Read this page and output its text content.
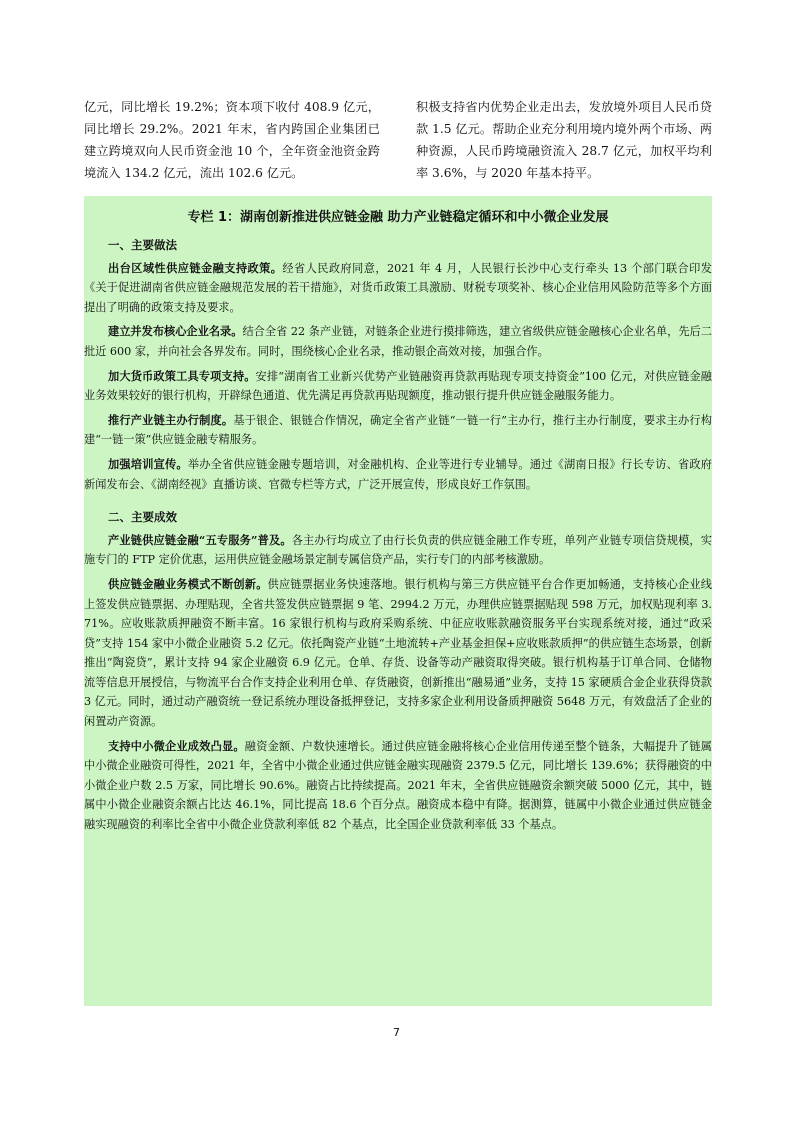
亿元，同比增长 19.2%；资本项下收付 408.9 亿元，同比增长 29.2%。2021 年末，省内跨国企业集团已建立跨境双向人民币资金池 10 个，全年资金池资金跨境流入 134.2 亿元，流出 102.6 亿元。

积极支持省内优势企业走出去，发放境外项目人民币贷款 1.5 亿元。帮助企业充分利用境内境外两个市场、两种资源，人民币跨境融资流入 28.7 亿元，加权平均利率 3.6%，与 2020 年基本持平。

专栏 1：湖南创新推进供应链金融 助力产业链稳定循环和中小微企业发展
一、主要做法

出台区域性供应链金融支持政策。经省人民政府同意，2021 年 4 月，人民银行长沙中心支行牵头 13 个部门联合印发《关于促进湖南省供应链金融规范发展的若干措施》，对货币政策工具激励、财税专项奖补、核心企业信用风险防范等多个方面提出了明确的政策支持及要求。

建立并发布核心企业名录。结合全省 22 条产业链，对链条企业进行摸排筛选，建立省级供应链金融核心企业名单，先后二批近 600 家，并向社会各界发布。同时，围绕核心企业名录，推动银企高效对接，加强合作。

加大货币政策工具专项支持。安排“湖南省工业新兴优势产业链融资再贷款再贴现专项支持资金”100 亿元，对供应链金融业务效果较好的银行机构，开辟绿色通道、优先满足再贷款再贴现额度，推动银行提升供应链金融服务能力。

推行产业链主办行制度。基于银企、银链合作情况，确定全省产业链“一链一行”主办行，推行主办行制度，要求主办行构建“一链一策”供应链金融专精服务。

加强培训宣传。举办全省供应链金融专题培训，对金融机构、企业等进行专业辅导。通过《湖南日报》行长专访、省政府新闻发布会、《湖南经视》直播访谈、官微专栏等方式，广泛开展宣传，形成良好工作氛围。

二、主要成效

产业链供应链金融“五专服务”普及。各主办行均成立了由行长负责的供应链金融工作专班，单列产业链专项信贷规模，实施专门的 FTP 定价优惠，运用供应链金融场景定制专属信贷产品，实行专门的内部考核激励。

供应链金融业务模式不断创新。供应链票据业务快速落地。银行机构与第三方供应链平台合作更加畅通，支持核心企业线上签发供应链票据、办理贴现，全省共签发供应链票据 9 笔、2994.2 万元，办理供应链票据贴现 598 万元，加权贴现利率 3.71%。应收账款质押融资不断丰富。16 家银行机构与政府采购系统、中征应收账款融资服务平台实现系统对接，通过“政采贷”支持 154 家中小微企业融资 5.2 亿元。依托陶瓷产业链“土地流转+产业基金担保+应收账款质押”的供应链生态场景，创新推出“陶瓷贷”，累计支持 94 家企业融资 6.9 亿元。仓单、存货、设备等动产融资取得突破。银行机构基于订单合同、仓储物流等信息开展授信，与物流平台合作支持企业利用仓单、存货融资，创新推出“融易通”业务，支持 15 家硬质合金企业获得贷款 3 亿元。同时，通过动产融资统一登记系统办理设备抵押登记，支持多家企业利用设备质押融资 5648 万元，有效盘活了企业的闲置动产资源。

支持中小微企业成效凸显。融资金额、户数快速增长。通过供应链金融将核心企业信用传递至整个链条，大幅提升了链属中小微企业融资可得性，2021 年，全省中小微企业通过供应链金融实现融资 2379.5 亿元，同比增长 139.6%；获得融资的中小微企业户数 2.5 万家，同比增长 90.6%。融资占比持续提高。2021 年末，全省供应链融资余额突破 5000 亿元，其中，链属中小微企业融资余额占比达 46.1%，同比提高 18.6 个百分点。融资成本稳中有降。据测算，链属中小微企业通过供应链金融实现融资的利率比全省中小微企业贷款利率低 82 个基点，比全国企业贷款利率低 33 个基点。

7
